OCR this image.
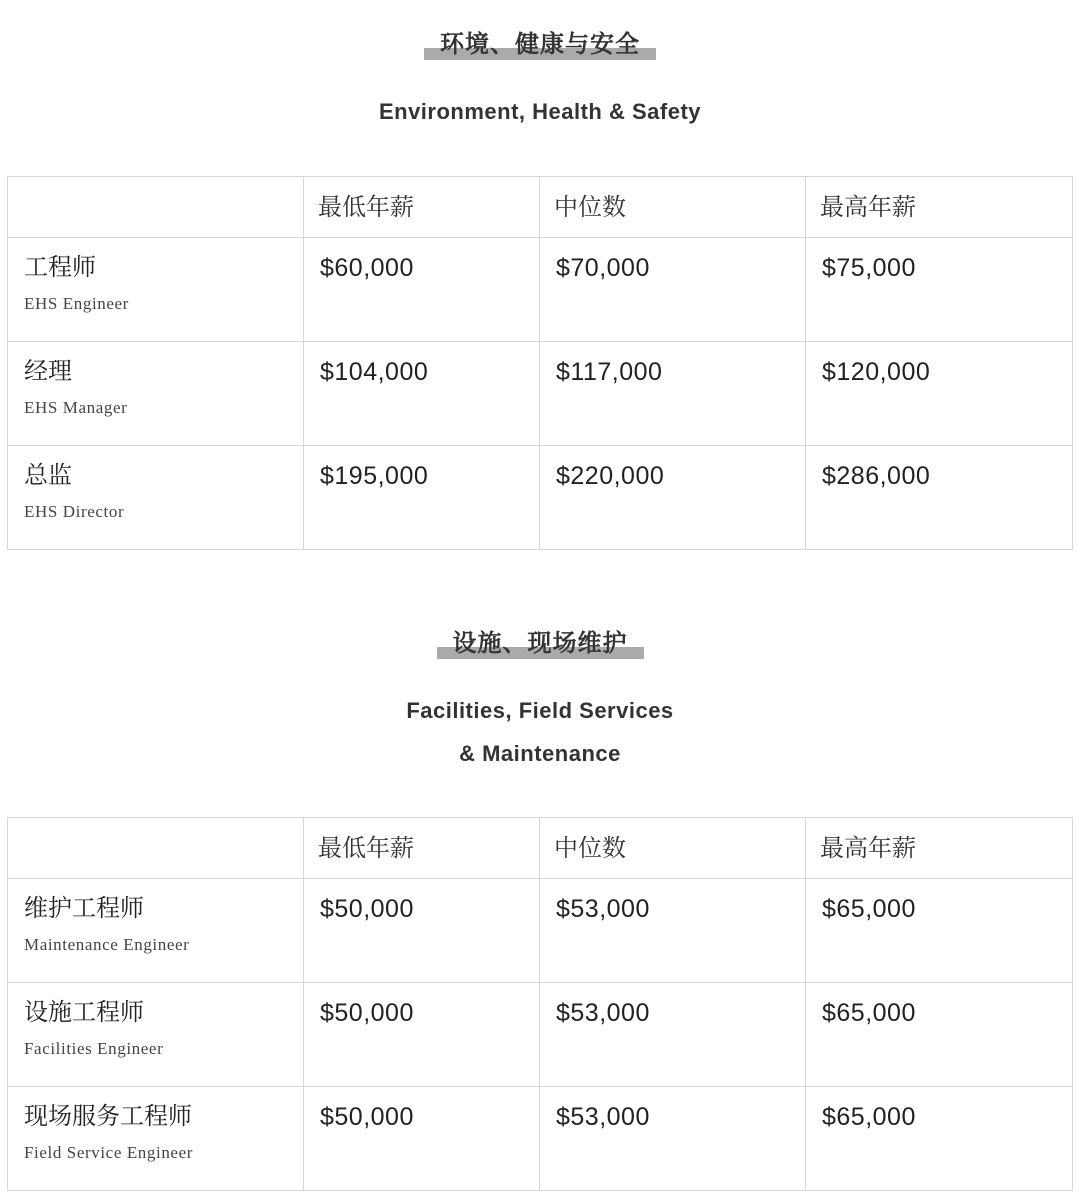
环境、健康与安全
Environment, Health & Safety

	最低年薪	中位数	最高年薪

工程师
EHS Engineer	$60,000	$70,000	$75,000

经理
EHS Manager	$104,000	$117,000	$120,000

总监
EHS Director	$195,000	$220,000	$286,000
设施、现场维护
Facilities, Field Services
& Maintenance

	最低年薪	中位数	最高年薪

维护工程师
Maintenance Engineer	$50,000	$53,000	$65,000

设施工程师
Facilities Engineer	$50,000	$53,000	$65,000

现场服务工程师
Field Service Engineer	$50,000	$53,000	$65,000
